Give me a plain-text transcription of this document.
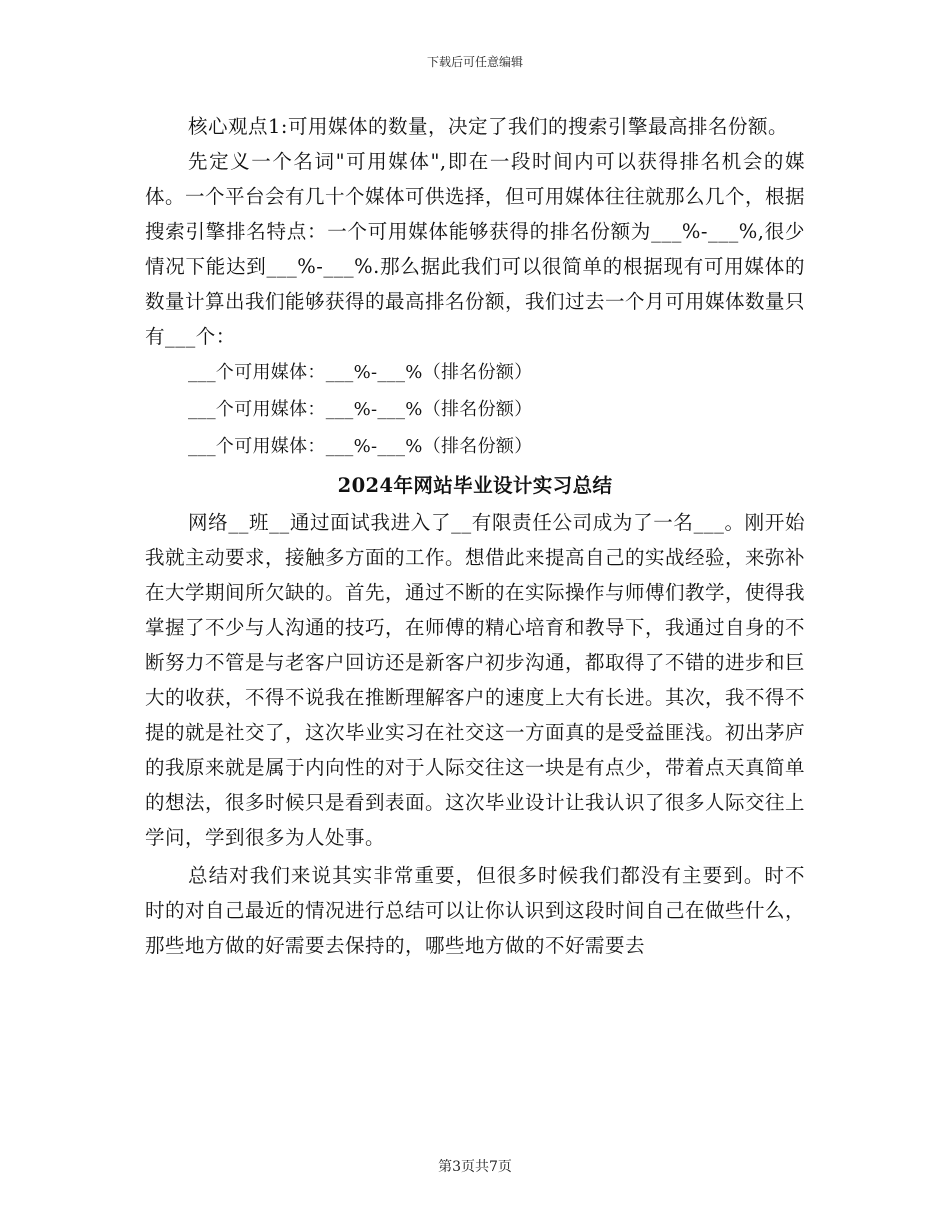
下载后可任意编辑

核心观点1:可用媒体的数量，决定了我们的搜索引擎最高排名份额。

先定义一个名词"可用媒体",即在一段时间内可以获得排名机会的媒体。一个平台会有几十个媒体可供选择，但可用媒体往往就那么几个，根据搜索引擎排名特点：一个可用媒体能够获得的排名份额为___%-___%,很少情况下能达到___%-___%.那么据此我们可以很简单的根据现有可用媒体的数量计算出我们能够获得的最高排名份额，我们过去一个月可用媒体数量只有___个：

___个可用媒体：___%-___%（排名份额）
___个可用媒体：___%-___%（排名份额）
___个可用媒体：___%-___%（排名份额）
2024年网站毕业设计实习总结

网络__班__通过面试我进入了__有限责任公司成为了一名___。刚开始我就主动要求，接触多方面的工作。想借此来提高自己的实战经验，来弥补在大学期间所欠缺的。首先，通过不断的在实际操作与师傅们教学，使得我掌握了不少与人沟通的技巧，在师傅的精心培育和教导下，我通过自身的不断努力不管是与老客户回访还是新客户初步沟通，都取得了不错的进步和巨大的收获，不得不说我在推断理解客户的速度上大有长进。其次，我不得不提的就是社交了，这次毕业实习在社交这一方面真的是受益匪浅。初出茅庐的我原来就是属于内向性的对于人际交往这一块是有点少，带着点天真简单的想法，很多时候只是看到表面。这次毕业设计让我认识了很多人际交往上学问，学到很多为人处事。

总结对我们来说其实非常重要，但很多时候我们都没有主要到。时不时的对自己最近的情况进行总结可以让你认识到这段时间自己在做些什么，那些地方做的好需要去保持的，哪些地方做的不好需要去

第3页共7页
